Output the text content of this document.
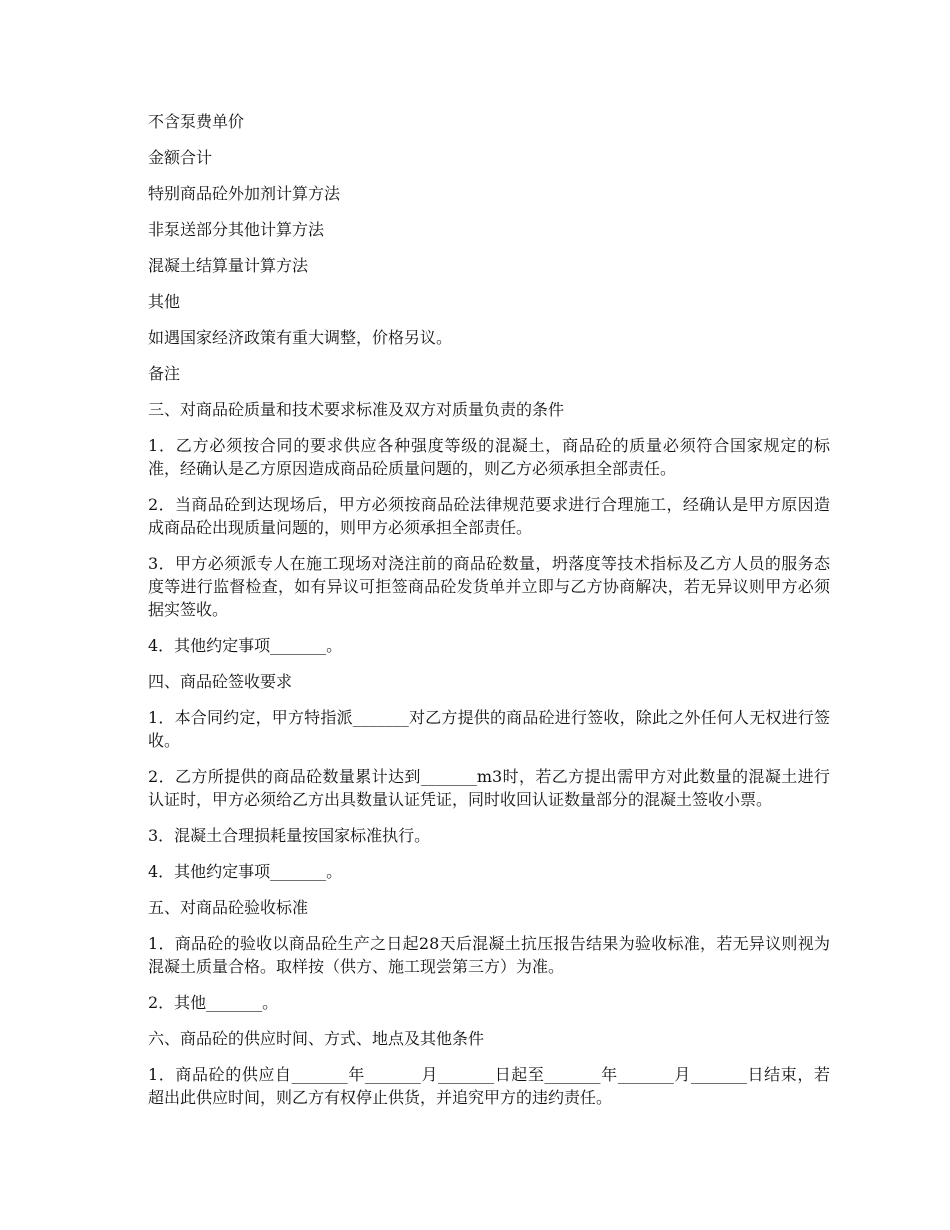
不含泵费单价

金额合计

特别商品砼外加剂计算方法

非泵送部分其他计算方法

混凝土结算量计算方法

其他

如遇国家经济政策有重大调整，价格另议。

备注

三、对商品砼质量和技术要求标准及双方对质量负责的条件

1．乙方必须按合同的要求供应各种强度等级的混凝土，商品砼的质量必须符合国家规定的标准，经确认是乙方原因造成商品砼质量问题的，则乙方必须承担全部责任。

2．当商品砼到达现场后，甲方必须按商品砼法律规范要求进行合理施工，经确认是甲方原因造成商品砼出现质量问题的，则甲方必须承担全部责任。

3．甲方必须派专人在施工现场对浇注前的商品砼数量，坍落度等技术指标及乙方人员的服务态度等进行监督检查，如有异议可拒签商品砼发货单并立即与乙方协商解决，若无异议则甲方必须据实签收。

4．其他约定事项_______。

四、商品砼签收要求

1．本合同约定，甲方特指派_______对乙方提供的商品砼进行签收，除此之外任何人无权进行签收。

2．乙方所提供的商品砼数量累计达到_______m3时，若乙方提出需甲方对此数量的混凝土进行认证时，甲方必须给乙方出具数量认证凭证，同时收回认证数量部分的混凝土签收小票。

3．混凝土合理损耗量按国家标准执行。

4．其他约定事项_______。

五、对商品砼验收标准

1．商品砼的验收以商品砼生产之日起28天后混凝土抗压报告结果为验收标准，若无异议则视为混凝土质量合格。取样按（供方、施工现尝第三方）为准。

2．其他_______。

六、商品砼的供应时间、方式、地点及其他条件

1．商品砼的供应自_______年_______月_______日起至_______年_______月_______日结束，若超出此供应时间，则乙方有权停止供货，并追究甲方的违约责任。
